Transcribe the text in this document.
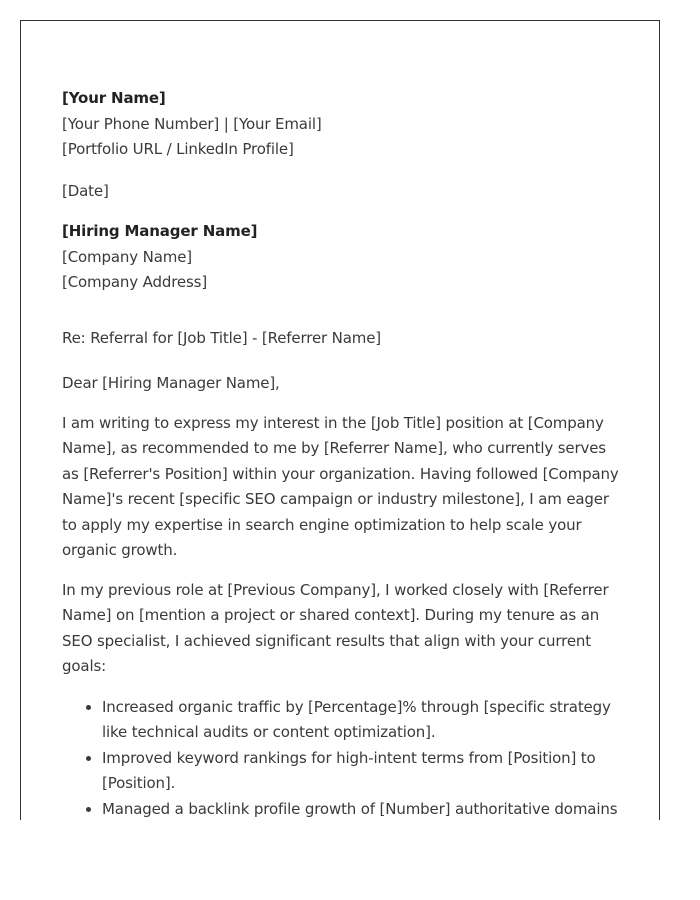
[Your Name]
[Your Phone Number] | [Your Email]
[Portfolio URL / LinkedIn Profile]
[Date]
[Hiring Manager Name]
[Company Name]
[Company Address]
Re: Referral for [Job Title] - [Referrer Name]
Dear [Hiring Manager Name],

I am writing to express my interest in the [Job Title] position at [Company Name], as recommended to me by [Referrer Name], who currently serves as [Referrer's Position] within your organization. Having followed [Company Name]'s recent [specific SEO campaign or industry milestone], I am eager to apply my expertise in search engine optimization to help scale your organic growth.

In my previous role at [Previous Company], I worked closely with [Referrer Name] on [mention a project or shared context]. During my tenure as an SEO specialist, I achieved significant results that align with your current goals:

• Increased organic traffic by [Percentage]% through [specific strategy like technical audits or content optimization].
• Improved keyword rankings for high-intent terms from [Position] to [Position].
• Managed a backlink profile growth of [Number] authoritative domains
